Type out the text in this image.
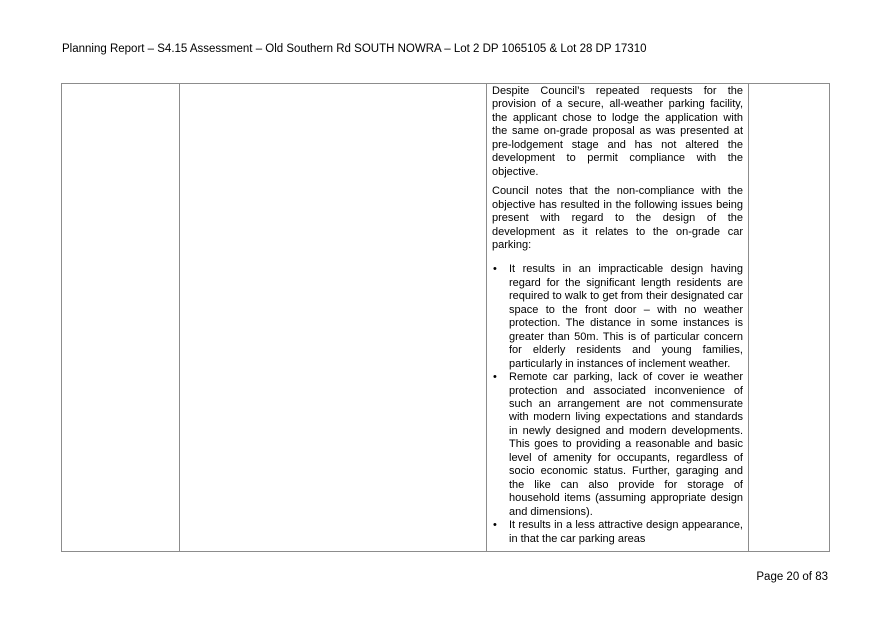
Planning Report – S4.15 Assessment – Old Southern Rd SOUTH NOWRA – Lot 2 DP 1065105 & Lot 28 DP 17310

Despite Council’s repeated requests for the provision of a secure, all-weather parking facility, the applicant chose to lodge the application with the same on-grade proposal as was presented at pre-lodgement stage and has not altered the development to permit compliance with the objective.

Council notes that the non-compliance with the objective has resulted in the following issues being present with regard to the design of the development as it relates to the on-grade car parking:

• It results in an impracticable design having regard for the significant length residents are required to walk to get from their designated car space to the front door – with no weather protection. The distance in some instances is greater than 50m. This is of particular concern for elderly residents and young families, particularly in instances of inclement weather.
• Remote car parking, lack of cover ie weather protection and associated inconvenience of such an arrangement are not commensurate with modern living expectations and standards in newly designed and modern developments. This goes to providing a reasonable and basic level of amenity for occupants, regardless of socio economic status. Further, garaging and the like can also provide for storage of household items (assuming appropriate design and dimensions).
• It results in a less attractive design appearance, in that the car parking areas
Page 20 of 83
